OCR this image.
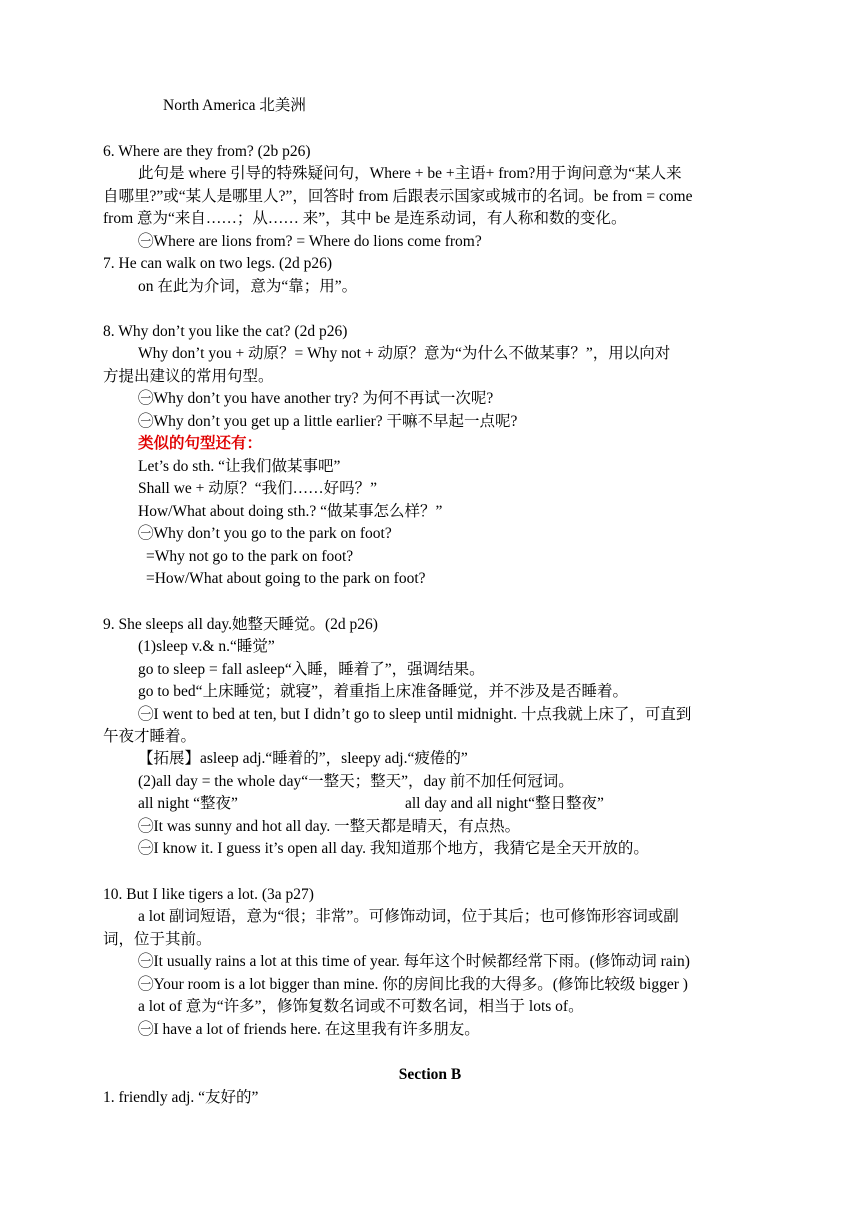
North America 北美洲
6. Where are they from? (2b p26)
此句是 where 引导的特殊疑问句，Where + be +主语+ from?用于询问意为“某人来
自哪里?”或“某人是哪里人?”，回答时 from 后跟表示国家或城市的名词。be from = come
from 意为“来自……；从…… 来”，其中 be 是连系动词，有人称和数的变化。
㊀Where are lions from? = Where do lions come from?
7. He can walk on two legs. (2d p26)
on 在此为介词，意为“靠；用”。
8. Why don’t you like the cat? (2d p26)
Why don’t you + 动原？= Why not + 动原？意为“为什么不做某事？”，用以向对
方提出建议的常用句型。
㊀Why don’t you have another try? 为何不再试一次呢?
㊀Why don’t you get up a little earlier? 干嘛不早起一点呢?
类似的句型还有：
Let’s do sth. “让我们做某事吧”
Shall we + 动原？“我们……好吗？”
How/What about doing sth.? “做某事怎么样？”
㊀Why don’t you go to the park on foot?
=Why not go to the park on foot?
=How/What about going to the park on foot?
9. She sleeps all day.她整天睡觉。(2d p26)
(1)sleep v.& n.“睡觉”
go to sleep = fall asleep“入睡，睡着了”，强调结果。
go to bed“上床睡觉；就寝”，着重指上床准备睡觉，并不涉及是否睡着。
㊀I went to bed at ten, but I didn’t go to sleep until midnight. 十点我就上床了，可直到
午夜才睡着。
【拓展】asleep adj.“睡着的”，sleepy adj.“疲倦的”
(2)all day = the whole day“一整天；整天”，day 前不加任何冠词。
all night “整夜”	all day and all night“整日整夜”
㊀It was sunny and hot all day. 一整天都是晴天，有点热。
㊀I know it. I guess it’s open all day. 我知道那个地方，我猜它是全天开放的。
10. But I like tigers a lot. (3a p27)
a lot 副词短语，意为“很；非常”。可修饰动词，位于其后；也可修饰形容词或副
词，位于其前。
㊀It usually rains a lot at this time of year. 每年这个时候都经常下雨。(修饰动词 rain)
㊀Your room is a lot bigger than mine. 你的房间比我的大得多。(修饰比较级 bigger )
a lot of 意为“许多”，修饰复数名词或不可数名词，相当于 lots of。
㊀I have a lot of friends here. 在这里我有许多朋友。
Section B
1. friendly adj. “友好的”
